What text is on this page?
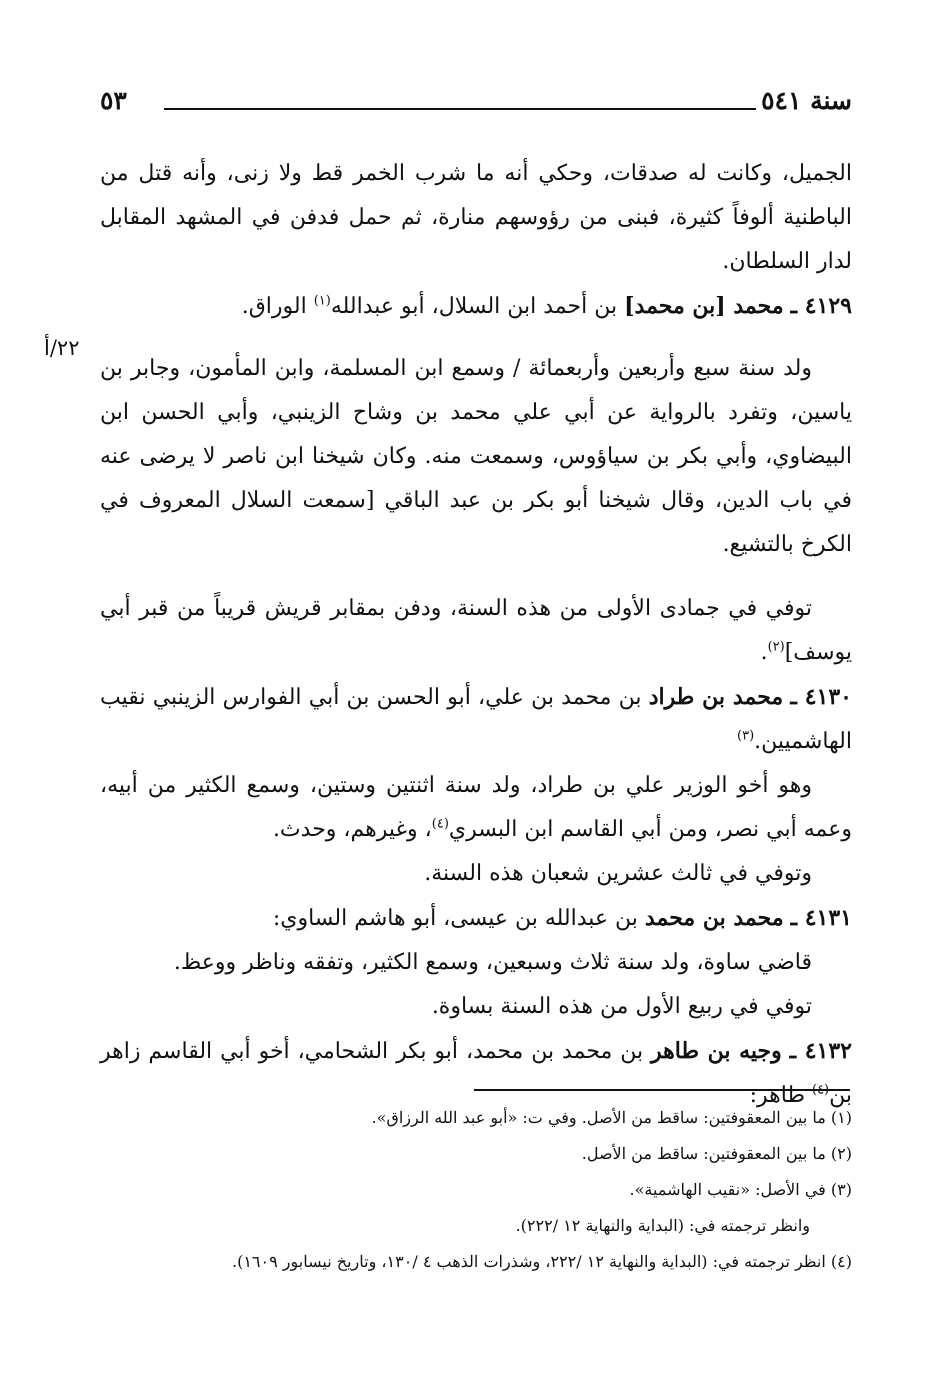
سنة ٥٤١
٥٣
٢٢/أ

الجميل، وكانت له صدقات، وحكي أنه ما شرب الخمر قط ولا زنى، وأنه قتل من الباطنية ألوفاً كثيرة، فبنى من رؤوسهم منارة، ثم حمل فدفن في المشهد المقابل لدار السلطان.

٤١٢٩ ـ محمد [بن محمد] بن أحمد ابن السلال، أبو عبدالله$^{(١)}$ الوراق.

ولد سنة سبع وأربعين وأربعمائة / وسمع ابن المسلمة، وابن المأمون، وجابر بن ياسين، وتفرد بالرواية عن أبي علي محمد بن وشاح الزينبي، وأبي الحسن ابن البيضاوي، وأبي بكر بن سياؤوس، وسمعت منه. وكان شيخنا ابن ناصر لا يرضى عنه في باب الدين، وقال شيخنا أبو بكر بن عبد الباقي [سمعت السلال المعروف في الكرخ بالتشيع.

توفي في جمادى الأولى من هذه السنة، ودفن بمقابر قريش قريباً من قبر أبي يوسف]$^{(٢)}$.

٤١٣٠ ـ محمد بن طراد بن محمد بن علي، أبو الحسن بن أبي الفوارس الزينبي نقيب الهاشميين.$^{(٣)}$

وهو أخو الوزير علي بن طراد، ولد سنة اثنتين وستين، وسمع الكثير من أبيه، وعمه أبي نصر، ومن أبي القاسم ابن البسري$^{(٤)}$، وغيرهم، وحدث.

وتوفي في ثالث عشرين شعبان هذه السنة.

٤١٣١ ـ محمد بن محمد بن عبدالله بن عيسى، أبو هاشم الساوي:

قاضي ساوة، ولد سنة ثلاث وسبعين، وسمع الكثير، وتفقه وناظر ووعظ.

توفي في ربيع الأول من هذه السنة بساوة.

٤١٣٢ ـ وجيه بن طاهر بن محمد بن محمد، أبو بكر الشحامي، أخو أبي القاسم زاهر بن$^{(٤)}$ طاهر:

(١) ما بين المعقوفتين: ساقط من الأصل. وفي ت: «أبو عبد الله الرزاق».

(٢) ما بين المعقوفتين: ساقط من الأصل.

(٣) في الأصل: «نقيب الهاشمية».

وانظر ترجمته في: (البداية والنهاية ١٢ /٢٢٢).

(٤) انظر ترجمته في: (البداية والنهاية ١٢ /٢٢٢، وشذرات الذهب ٤ /١٣٠، وتاريخ نيسابور ١٦٠٩).
